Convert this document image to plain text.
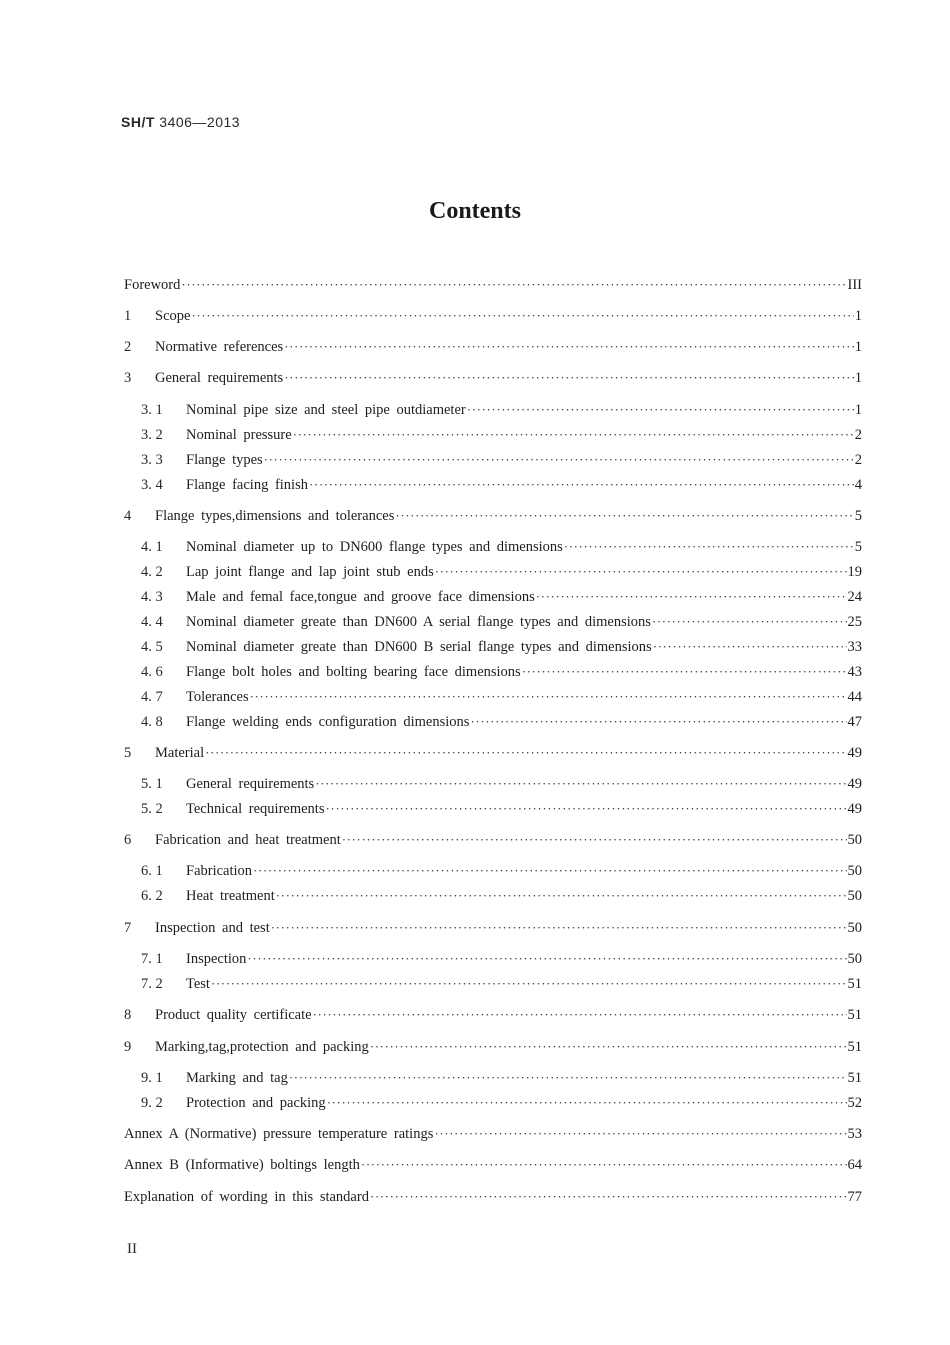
SH/T 3406—2013
Contents
Foreword ·····	III
1	Scope ·····	1
2	Normative references ·····	1
3	General requirements ·····	1
3. 1	Nominal pipe size and steel pipe outdiameter ·····	1
3. 2	Nominal pressure ·····	2
3. 3	Flange types ·····	2
3. 4	Flange facing finish ·····	4
4	Flange types,dimensions and tolerances ·····	5
4. 1	Nominal diameter up to DN600 flange types and dimensions ·····	5
4. 2	Lap joint flange and lap joint stub ends ·····	19
4. 3	Male and femal face,tongue and groove face dimensions ·····	24
4. 4	Nominal diameter greate than DN600 A serial flange types and dimensions ·····	25
4. 5	Nominal diameter greate than DN600 B serial flange types and dimensions ·····	33
4. 6	Flange bolt holes and bolting bearing face dimensions ·····	43
4. 7	Tolerances ·····	44
4. 8	Flange welding ends configuration dimensions ·····	47
5	Material ·····	49
5. 1	General requirements ·····	49
5. 2	Technical requirements ·····	49
6	Fabrication and heat treatment ·····	50
6. 1	Fabrication ·····	50
6. 2	Heat treatment ·····	50
7	Inspection and test ·····	50
7. 1	Inspection ·····	50
7. 2	Test ·····	51
8	Product quality certificate ·····	51
9	Marking,tag,protection and packing ·····	51
9. 1	Marking and tag ·····	51
9. 2	Protection and packing ·····	52
Annex A (Normative) pressure temperature ratings ·····	53
Annex B (Informative) boltings length ·····	64
Explanation of wording in this standard ·····	77
II
